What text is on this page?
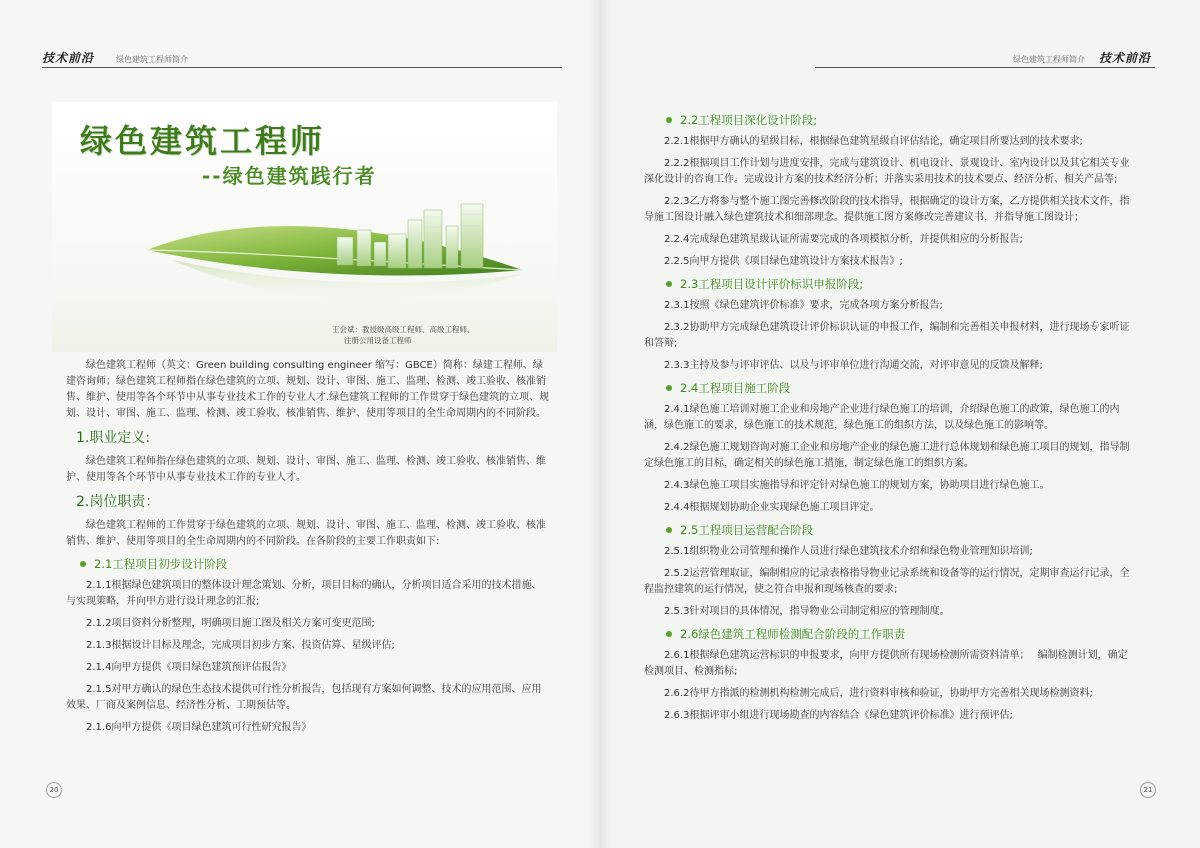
技术前沿	绿色建筑工程师简介	绿色建筑工程师简介 技术前沿
绿色建筑工程师
--绿色建筑践行者
王会斌：教授级高级工程师、高级工程师、
注册公用设备工程师

绿色建筑工程师（英文：Green building consulting engineer 缩写：GBCE）简称：绿建工程师、绿建咨询师；绿色建筑工程师指在绿色建筑的立项、规划、设计、审图、施工、监理、检测、竣工验收、核准销售、维护、使用等各个环节中从事专业技术工作的专业人才.绿色建筑工程师的工作贯穿于绿色建筑的立项、规划、设计、审图、施工、监理、检测、竣工验收、核准销售、维护、使用等项目的全生命周期内的不同阶段。

1.职业定义:

绿色建筑工程师指在绿色建筑的立项、规划、设计、审图、施工、监理、检测、竣工验收、核准销售、维护、使用等各个环节中从事专业技术工作的专业人才。

2.岗位职责：

绿色建筑工程师的工作贯穿于绿色建筑的立项、规划、设计、审图、施工、监理、检测、竣工验收、核准销售、维护、使用等项目的全生命周期内的不同阶段。在各阶段的主要工作职责如下:

2.1工程项目初步设计阶段

2.1.1根据绿色建筑项目的整体设计理念策划、分析，项目目标的确认，分析项目适合采用的技术措施、与实现策略，并向甲方进行设计理念的汇报;

2.1.2项目资料分析整理，明确项目施工图及相关方案可变更范围;

2.1.3根据设计目标及理念，完成项目初步方案、投资估算、星级评估;

2.1.4向甲方提供《项目绿色建筑预评估报告》

2.1.5对甲方确认的绿色生态技术提供可行性分析报告，包括现有方案如何调整、技术的应用范围、应用效果、厂商及案例信息、经济性分析、工期预估等。

2.1.6向甲方提供《项目绿色建筑可行性研究报告》

20
2.2工程项目深化设计阶段;

2.2.1根据甲方确认的星级目标，根据绿色建筑星级自评估结论，确定项目所要达到的技术要求;

2.2.2根据项目工作计划与进度安排，完成与建筑设计、机电设计、景观设计、室内设计以及其它相关专业深化设计的咨询工作。完成设计方案的技术经济分析；并落实采用技术的技术要点、经济分析、相关产品等;

2.2.3乙方将参与整个施工图完善修改阶段的技术指导，根据确定的设计方案，乙方提供相关技术文件，指导施工图设计融入绿色建筑技术和细部理念。提供施工图方案修改完善建议书，并指导施工图设计；

2.2.4完成绿色建筑星级认证所需要完成的各项模拟分析，并提供相应的分析报告;

2.2.5向甲方提供《项目绿色建筑设计方案技术报告》;

2.3工程项目设计评价标识申报阶段;

2.3.1按照《绿色建筑评价标准》要求，完成各项方案分析报告;

2.3.2协助甲方完成绿色建筑设计评价标识认证的申报工作，编制和完善相关申报材料，进行现场专家听证和答辩;

2.3.3主持及参与评审评估、以及与评审单位进行沟通交流，对评审意见的反馈及解释;

2.4工程项目施工阶段

2.4.1绿色施工培训对施工企业和房地产企业进行绿色施工的培训，介绍绿色施工的政策，绿色施工的内涵，绿色施工的要求，绿色施工的技术规范，绿色施工的组织方法，以及绿色施工的影响等。

2.4.2绿色施工规划咨询对施工企业和房地产企业的绿色施工进行总体规划和绿色施工项目的规划，指导制定绿色施工的目标，确定相关的绿色施工措施，制定绿色施工的组织方案。

2.4.3绿色施工项目实施指导和评定针对绿色施工的规划方案，协助项目进行绿色施工。

2.4.4根据规划协助企业实现绿色施工项目评定。

2.5工程项目运营配合阶段

2.5.1组织物业公司管理和操作人员进行绿色建筑技术介绍和绿色物业管理知识培训;

2.5.2运营管理取证，编制相应的记录表格指导物业记录系统和设备等的运行情况，定期审查运行记录，全程监控建筑的运行情况，使之符合申报和现场核查的要求;

2.5.3针对项目的具体情况，指导物业公司制定相应的管理制度。

2.6绿色建筑工程师检测配合阶段的工作职责

2.6.1根据绿色建筑运营标识的申报要求，向甲方提供所有现场检测所需资料清单；　 编制检测计划，确定检测项目、检测指标;

2.6.2待甲方指派的检测机构检测完成后，进行资料审核和验证，协助甲方完善相关现场检测资料;

2.6.3根据评审小组进行现场勘查的内容结合《绿色建筑评价标准》进行预评估;

21
